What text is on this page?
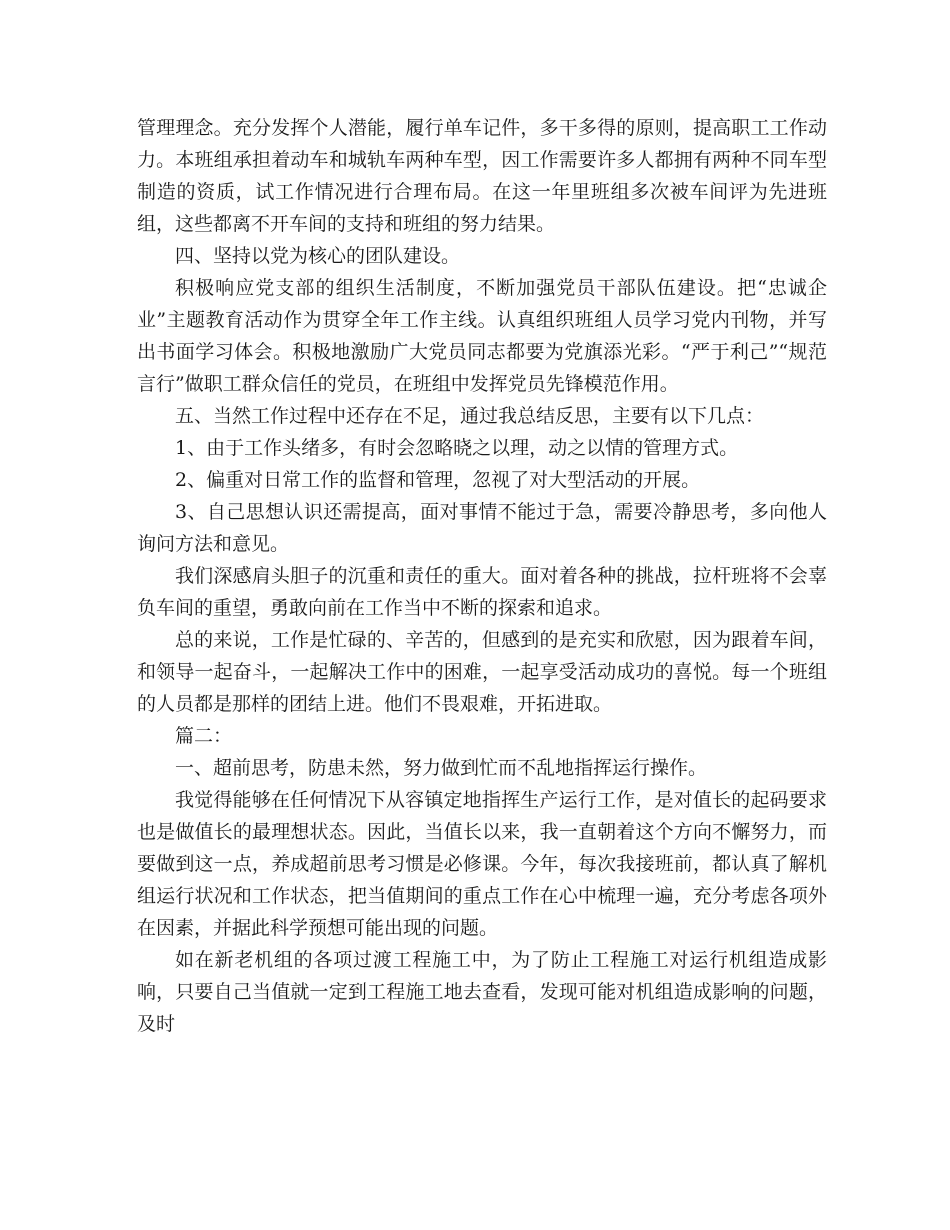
管理理念。充分发挥个人潜能，履行单车记件，多干多得的原则，提高职工工作动力。本班组承担着动车和城轨车两种车型，因工作需要许多人都拥有两种不同车型制造的资质，试工作情况进行合理布局。在这一年里班组多次被车间评为先进班组，这些都离不开车间的支持和班组的努力结果。

四、坚持以党为核心的团队建设。

积极响应党支部的组织生活制度，不断加强党员干部队伍建设。把“忠诚企业”主题教育活动作为贯穿全年工作主线。认真组织班组人员学习党内刊物，并写出书面学习体会。积极地激励广大党员同志都要为党旗添光彩。“严于利己”“规范言行”做职工群众信任的党员，在班组中发挥党员先锋模范作用。

五、当然工作过程中还存在不足，通过我总结反思，主要有以下几点：

1、由于工作头绪多，有时会忽略晓之以理，动之以情的管理方式。

2、偏重对日常工作的监督和管理，忽视了对大型活动的开展。

3、自己思想认识还需提高，面对事情不能过于急，需要冷静思考，多向他人询问方法和意见。

我们深感肩头胆子的沉重和责任的重大。面对着各种的挑战，拉杆班将不会辜负车间的重望，勇敢向前在工作当中不断的探索和追求。

总的来说，工作是忙碌的、辛苦的，但感到的是充实和欣慰，因为跟着车间，和领导一起奋斗，一起解决工作中的困难，一起享受活动成功的喜悦。每一个班组的人员都是那样的团结上进。他们不畏艰难，开拓进取。

篇二：

一、超前思考，防患未然，努力做到忙而不乱地指挥运行操作。

我觉得能够在任何情况下从容镇定地指挥生产运行工作，是对值长的起码要求也是做值长的最理想状态。因此，当值长以来，我一直朝着这个方向不懈努力，而要做到这一点，养成超前思考习惯是必修课。今年，每次我接班前，都认真了解机组运行状况和工作状态，把当值期间的重点工作在心中梳理一遍，充分考虑各项外在因素，并据此科学预想可能出现的问题。

如在新老机组的各项过渡工程施工中，为了防止工程施工对运行机组造成影响，只要自己当值就一定到工程施工地去查看，发现可能对机组造成影响的问题，及时
